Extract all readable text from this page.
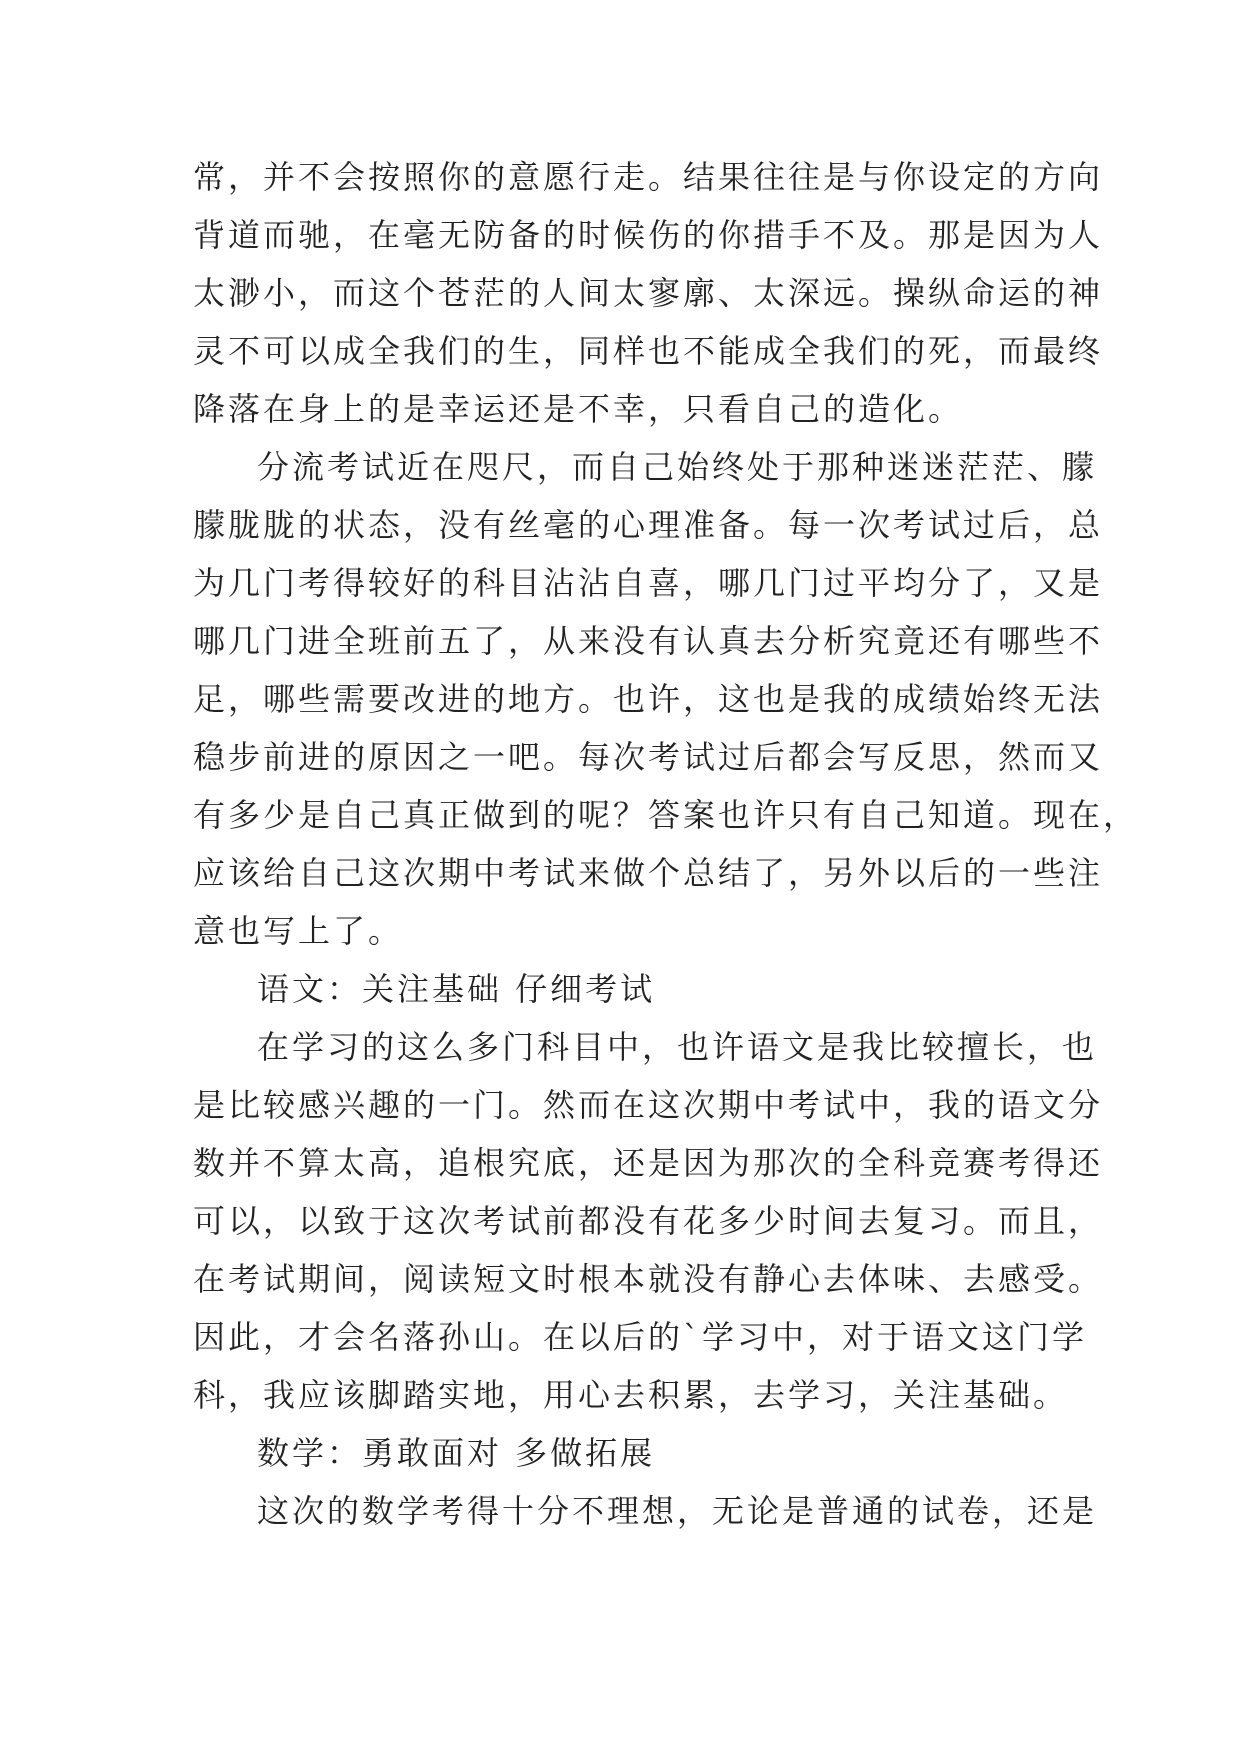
常，并不会按照你的意愿行走。结果往往是与你设定的方向
背道而驰，在毫无防备的时候伤的你措手不及。那是因为人
太渺小，而这个苍茫的人间太寥廓、太深远。操纵命运的神
灵不可以成全我们的生，同样也不能成全我们的死，而最终
降落在身上的是幸运还是不幸，只看自己的造化。
分流考试近在咫尺，而自己始终处于那种迷迷茫茫、朦
朦胧胧的状态，没有丝毫的心理准备。每一次考试过后，总
为几门考得较好的科目沾沾自喜，哪几门过平均分了，又是
哪几门进全班前五了，从来没有认真去分析究竟还有哪些不
足，哪些需要改进的地方。也许，这也是我的成绩始终无法
稳步前进的原因之一吧。每次考试过后都会写反思，然而又
有多少是自己真正做到的呢？答案也许只有自己知道。现在，
应该给自己这次期中考试来做个总结了，另外以后的一些注
意也写上了。
语文：关注基础 仔细考试
在学习的这么多门科目中，也许语文是我比较擅长，也
是比较感兴趣的一门。然而在这次期中考试中，我的语文分
数并不算太高，追根究底，还是因为那次的全科竞赛考得还
可以，以致于这次考试前都没有花多少时间去复习。而且，
在考试期间，阅读短文时根本就没有静心去体味、去感受。
因此，才会名落孙山。在以后的`学习中，对于语文这门学
科，我应该脚踏实地，用心去积累，去学习，关注基础。
数学：勇敢面对 多做拓展
这次的数学考得十分不理想，无论是普通的试卷，还是
